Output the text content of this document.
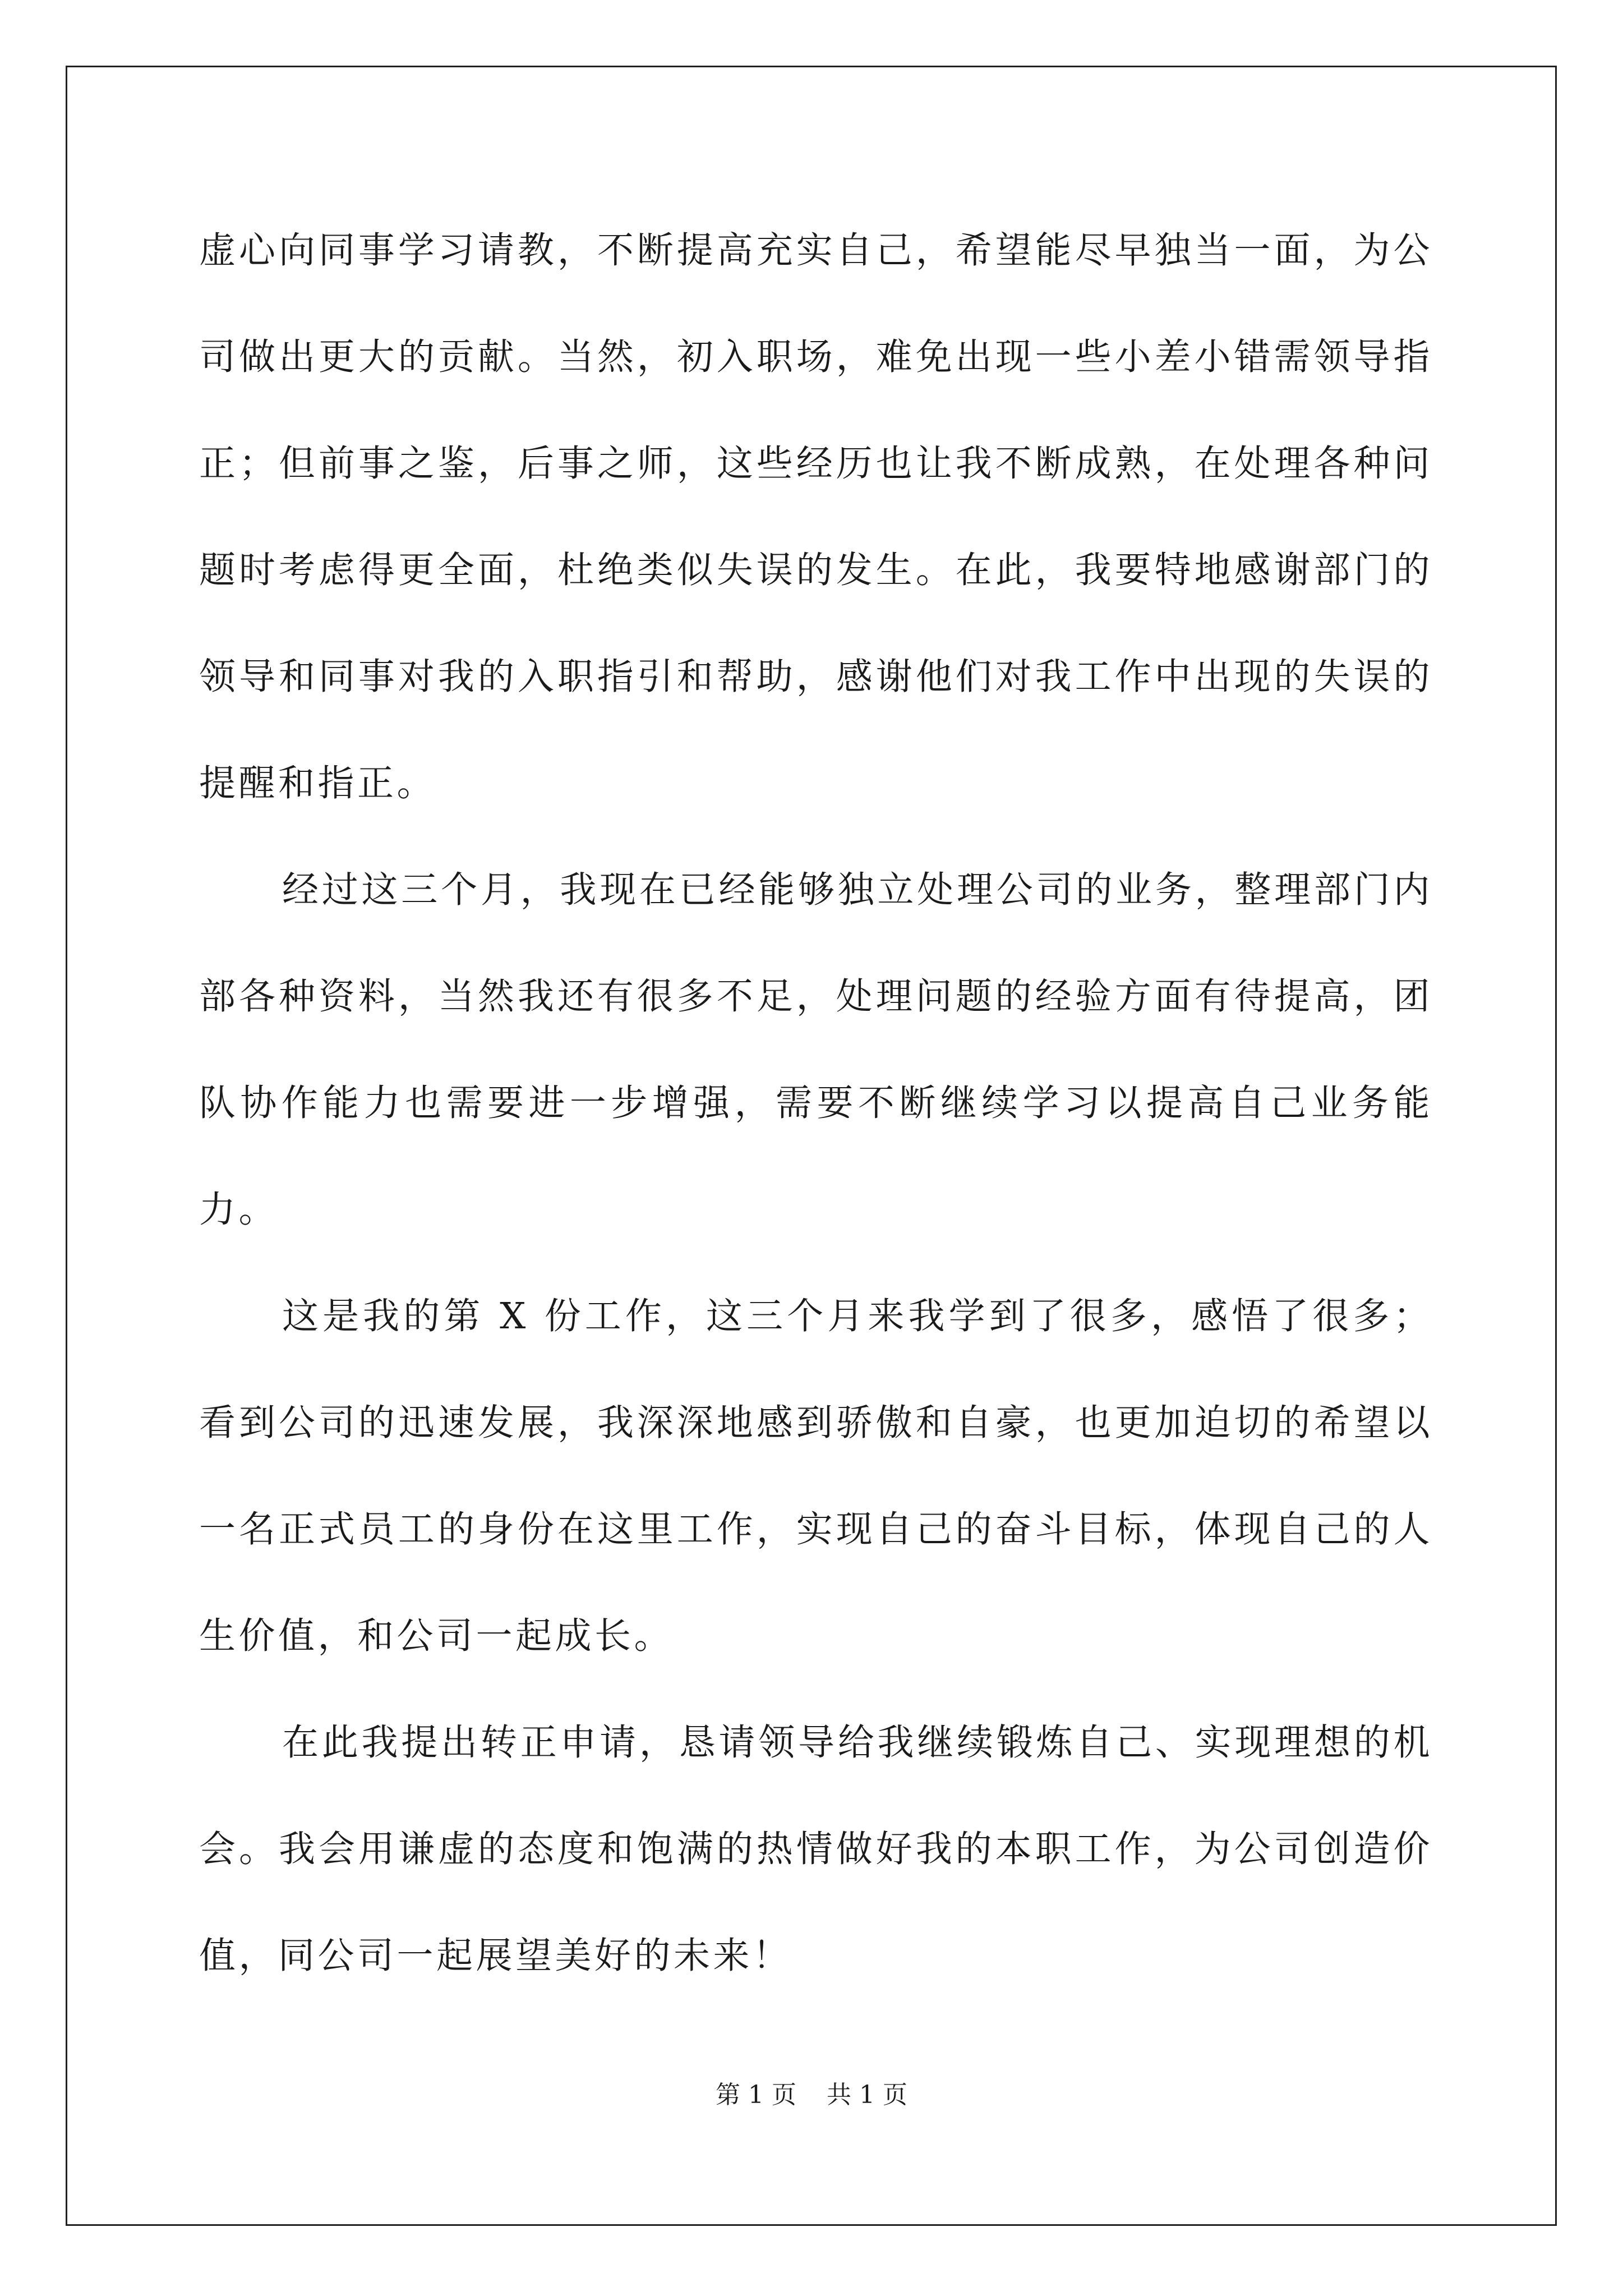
虚心向同事学习请教，不断提高充实自己，希望能尽早独当一面，为公司做出更大的贡献。当然，初入职场，难免出现一些小差小错需领导指正；但前事之鉴，后事之师，这些经历也让我不断成熟，在处理各种问题时考虑得更全面，杜绝类似失误的发生。在此，我要特地感谢部门的领导和同事对我的入职指引和帮助，感谢他们对我工作中出现的失误的提醒和指正。

经过这三个月，我现在已经能够独立处理公司的业务，整理部门内部各种资料，当然我还有很多不足，处理问题的经验方面有待提高，团队协作能力也需要进一步增强，需要不断继续学习以提高自己业务能力。

这是我的第 X 份工作，这三个月来我学到了很多，感悟了很多；看到公司的迅速发展，我深深地感到骄傲和自豪，也更加迫切的希望以一名正式员工的身份在这里工作，实现自己的奋斗目标，体现自己的人生价值，和公司一起成长。

在此我提出转正申请，恳请领导给我继续锻炼自己、实现理想的机会。我会用谦虚的态度和饱满的热情做好我的本职工作，为公司创造价值，同公司一起展望美好的未来！

第 1 页 共 1 页
